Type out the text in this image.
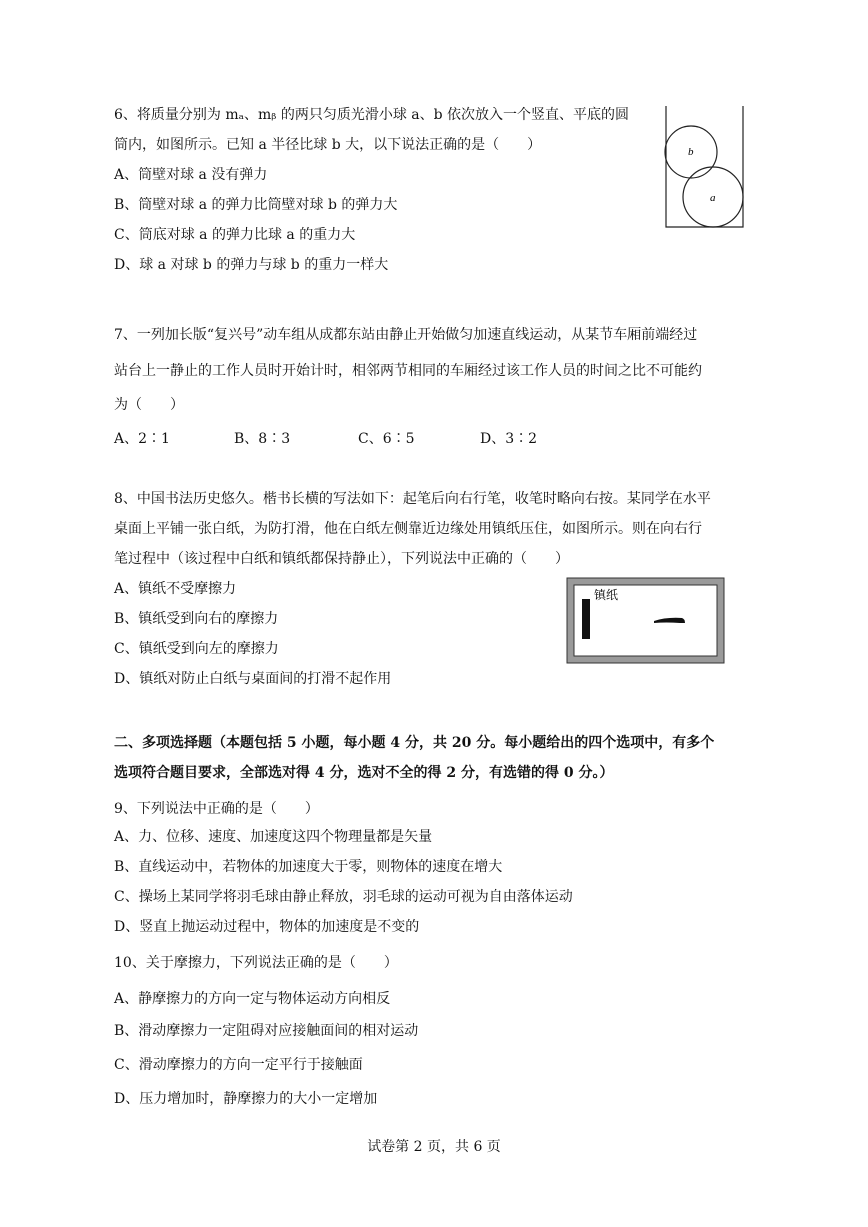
6、将质量分别为 mₐ、mᵦ 的两只匀质光滑小球 a、b 依次放入一个竖直、平底的圆
筒内，如图所示。已知 a 半径比球 b 大，以下说法正确的是（　　）
A、筒壁对球 a 没有弹力
B、筒壁对球 a 的弹力比筒壁对球 b 的弹力大
C、筒底对球 a 的弹力比球 a 的重力大
D、球 a 对球 b 的弹力与球 b 的重力一样大
b
a
7、一列加长版“复兴号”动车组从成都东站由静止开始做匀加速直线运动，从某节车厢前端经过
站台上一静止的工作人员时开始计时，相邻两节相同的车厢经过该工作人员的时间之比不可能约
为（　　）
A、2∶1	B、8∶3	C、6∶5	D、3∶2
8、中国书法历史悠久。楷书长横的写法如下：起笔后向右行笔，收笔时略向右按。某同学在水平
桌面上平铺一张白纸，为防打滑，他在白纸左侧靠近边缘处用镇纸压住，如图所示。则在向右行
笔过程中（该过程中白纸和镇纸都保持静止），下列说法中正确的（　　）
A、镇纸不受摩擦力
B、镇纸受到向右的摩擦力
C、镇纸受到向左的摩擦力
D、镇纸对防止白纸与桌面间的打滑不起作用
镇纸
二、多项选择题（本题包括 5 小题，每小题 4 分，共 20 分。每小题给出的四个选项中，有多个
选项符合题目要求，全部选对得 4 分，选对不全的得 2 分，有选错的得 0 分。）
9、下列说法中正确的是（　　）
A、力、位移、速度、加速度这四个物理量都是矢量
B、直线运动中，若物体的加速度大于零，则物体的速度在增大
C、操场上某同学将羽毛球由静止释放，羽毛球的运动可视为自由落体运动
D、竖直上抛运动过程中，物体的加速度是不变的
10、关于摩擦力，下列说法正确的是（　　）
A、静摩擦力的方向一定与物体运动方向相反
B、滑动摩擦力一定阻碍对应接触面间的相对运动
C、滑动摩擦力的方向一定平行于接触面
D、压力增加时，静摩擦力的大小一定增加
试卷第 2 页，共 6 页
